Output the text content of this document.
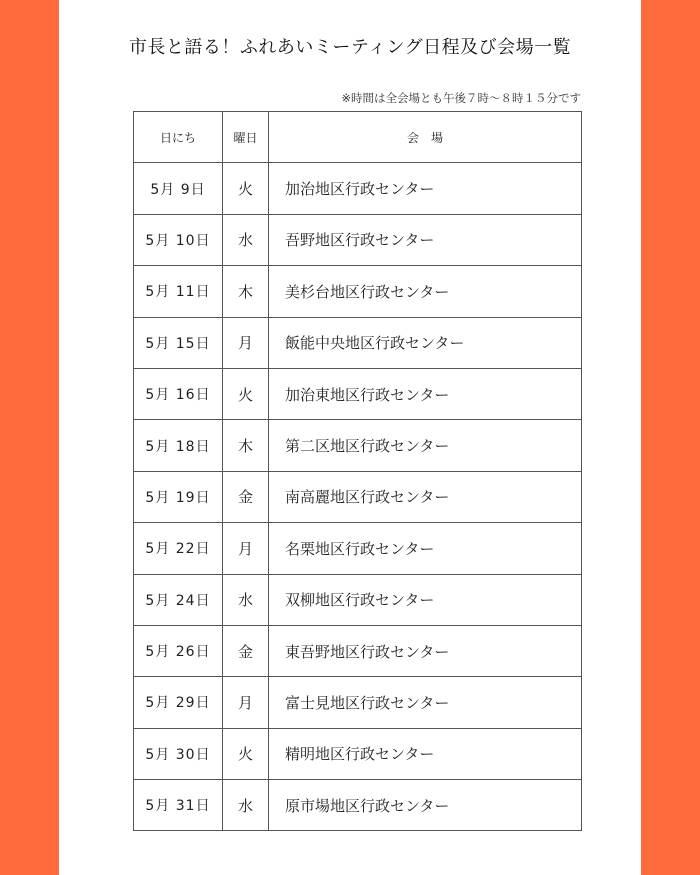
市長と語る！ふれあいミーティング日程及び会場一覧
※時間は全会場とも午後７時〜８時１５分です
日にち	曜日	会　場
5月 9日	火	加治地区行政センター
5月 10日	水	吾野地区行政センター
5月 11日	木	美杉台地区行政センター
5月 15日	月	飯能中央地区行政センター
5月 16日	火	加治東地区行政センター
5月 18日	木	第二区地区行政センター
5月 19日	金	南高麗地区行政センター
5月 22日	月	名栗地区行政センター
5月 24日	水	双柳地区行政センター
5月 26日	金	東吾野地区行政センター
5月 29日	月	富士見地区行政センター
5月 30日	火	精明地区行政センター
5月 31日	水	原市場地区行政センター
